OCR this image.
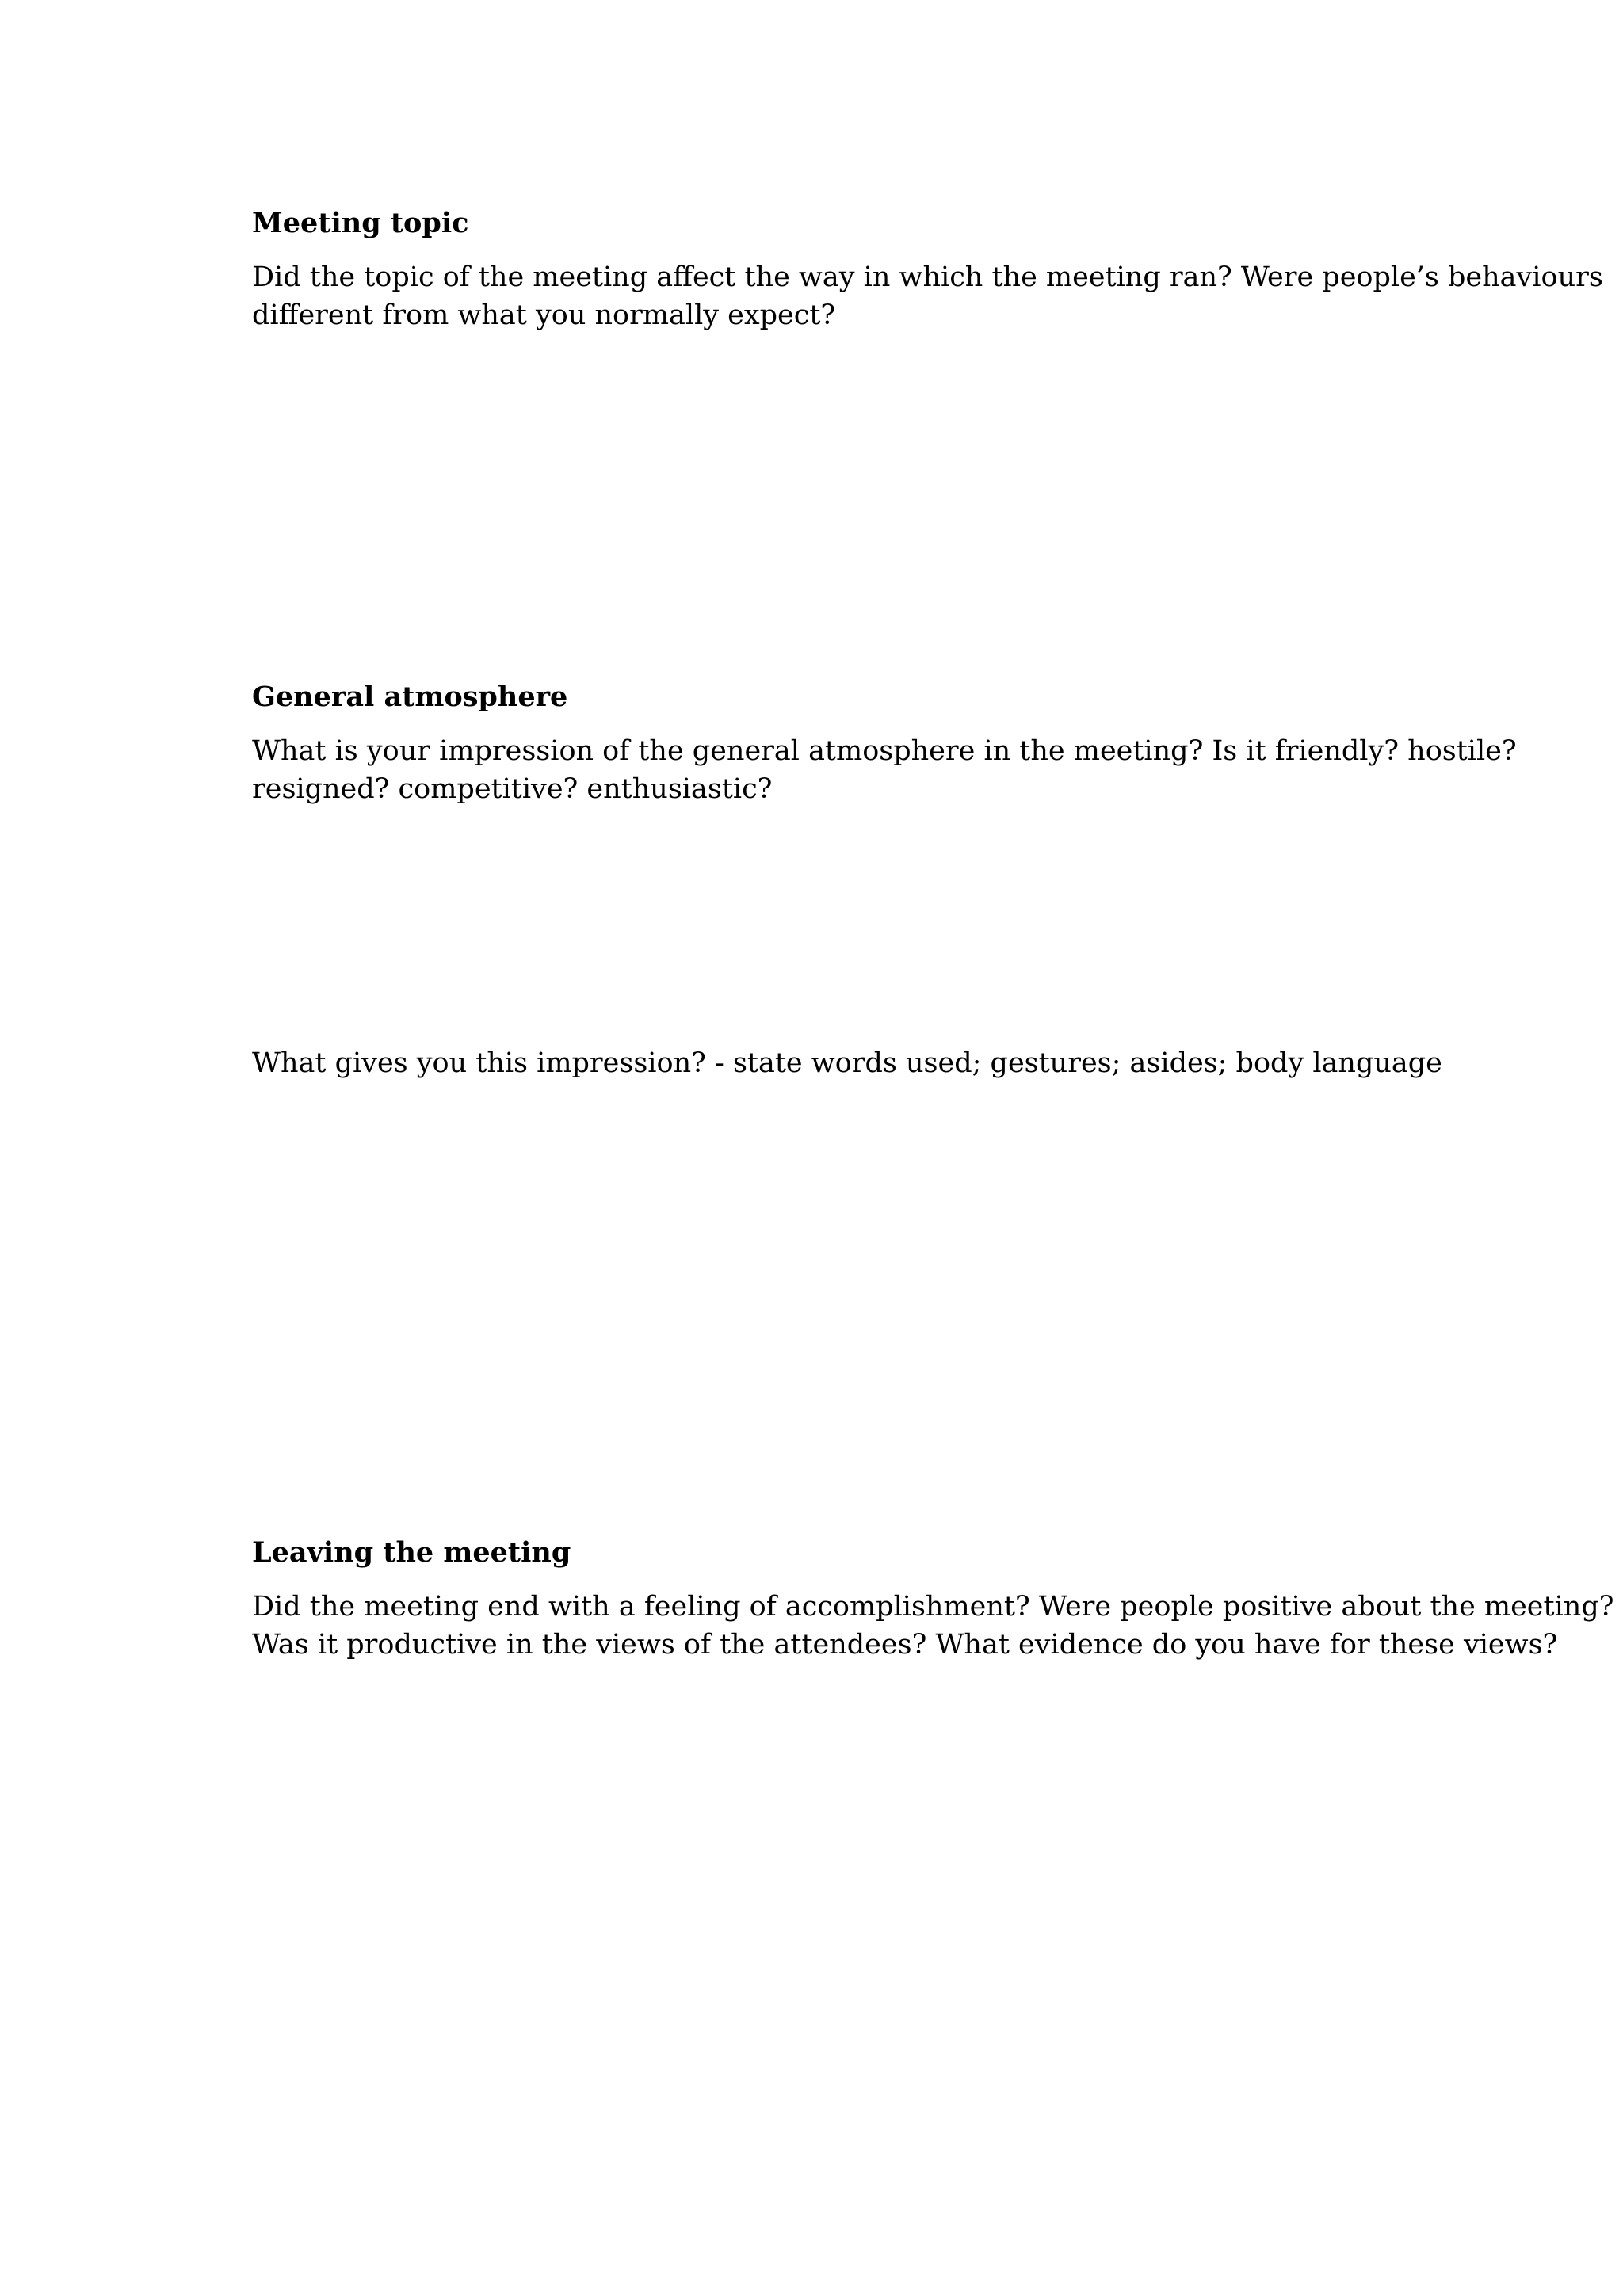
Meeting topic

Did the topic of the meeting affect the way in which the meeting ran? Were people’s behaviours

different from what you normally expect?

General atmosphere

What is your impression of the general atmosphere in the meeting? Is it friendly? hostile?

resigned? competitive? enthusiastic?

What gives you this impression? - state words used; gestures; asides; body language

Leaving the meeting

Did the meeting end with a feeling of accomplishment? Were people positive about the meeting?

Was it productive in the views of the attendees? What evidence do you have for these views?
